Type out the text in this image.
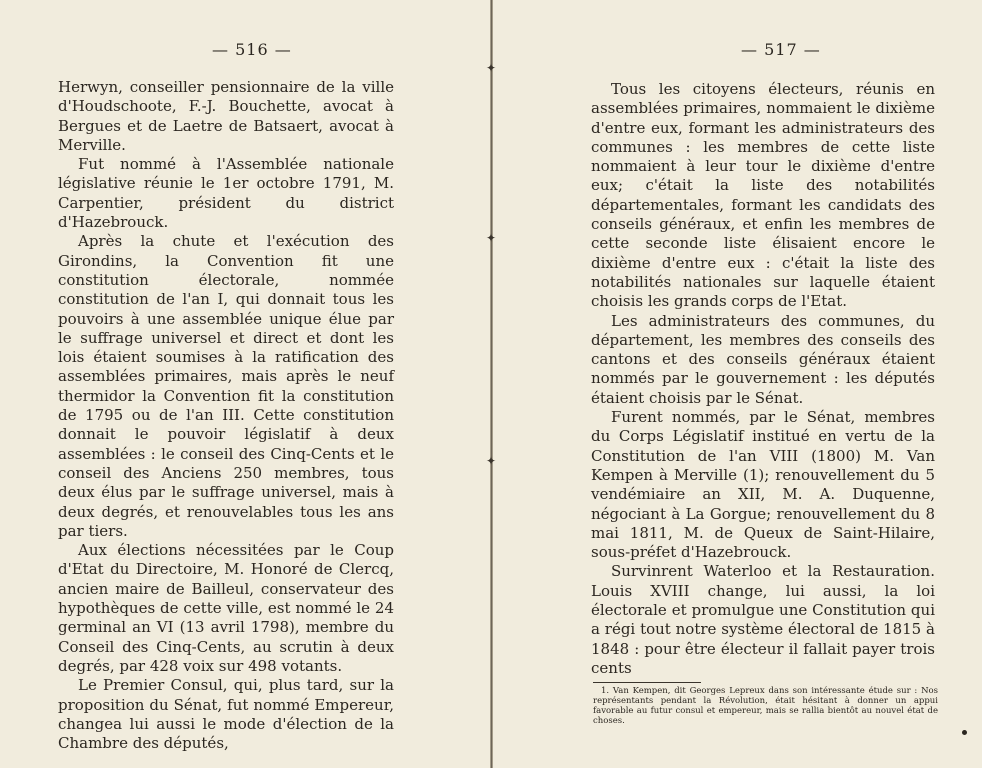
✦
✦
✦
— 516 —

Herwyn, conseiller pensionnaire de la ville d'Houdschoote, F.-J. Bouchette, avocat à Bergues et de Laetre de Batsaert, avocat à Merville.

Fut nommé à l'Assemblée nationale législative réunie le 1er octobre 1791, M. Carpentier, président du district d'Hazebrouck.

Après la chute et l'exécution des Girondins, la Convention fit une constitution électorale, nommée constitution de l'an I, qui donnait tous les pouvoirs à une assemblée unique élue par le suffrage universel et direct et dont les lois étaient soumises à la ratification des assemblées primaires, mais après le neuf thermidor la Convention fit la constitution de 1795 ou de l'an III. Cette constitution donnait le pouvoir législatif à deux assemblées : le conseil des Cinq-Cents et le conseil des Anciens 250 membres, tous deux élus par le suffrage universel, mais à deux degrés, et renouvelables tous les ans par tiers.

Aux élections nécessitées par le Coup d'Etat du Directoire, M. Honoré de Clercq, ancien maire de Bailleul, conservateur des hypothèques de cette ville, est nommé le 24 germinal an VI (13 avril 1798), membre du Conseil des Cinq-Cents, au scrutin à deux degrés, par 428 voix sur 498 votants.

Le Premier Consul, qui, plus tard, sur la proposition du Sénat, fut nommé Empereur, changea lui aussi le mode d'élection de la Chambre des députés,

— 517 —

Tous les citoyens électeurs, réunis en assemblées primaires, nommaient le dixième d'entre eux, formant les administrateurs des communes : les membres de cette liste nommaient à leur tour le dixième d'entre eux; c'était la liste des notabilités départementales, formant les candidats des conseils généraux, et enfin les membres de cette seconde liste élisaient encore le dixième d'entre eux : c'était la liste des notabilités nationales sur laquelle étaient choisis les grands corps de l'Etat.

Les administrateurs des communes, du département, les membres des conseils des cantons et des conseils généraux étaient nommés par le gouvernement : les députés étaient choisis par le Sénat.

Furent nommés, par le Sénat, membres du Corps Législatif institué en vertu de la Constitution de l'an VIII (1800) M. Van Kempen à Merville (1); renouvellement du 5 vendémiaire an XII, M. A. Duquenne, négociant à La Gorgue; renouvellement du 8 mai 1811, M. de Queux de Saint-Hilaire, sous-préfet d'Hazebrouck.

Survinrent Waterloo et la Restauration. Louis XVIII change, lui aussi, la loi électorale et promulgue une Constitution qui a régi tout notre système électoral de 1815 à 1848 : pour être électeur il fallait payer trois cents

1. Van Kempen, dit Georges Lepreux dans son intéressante étude sur : Nos représentants pendant la Révolution, était hésitant à donner un appui favorable au futur consul et empereur, mais se rallia bientôt au nouvel état de choses.
